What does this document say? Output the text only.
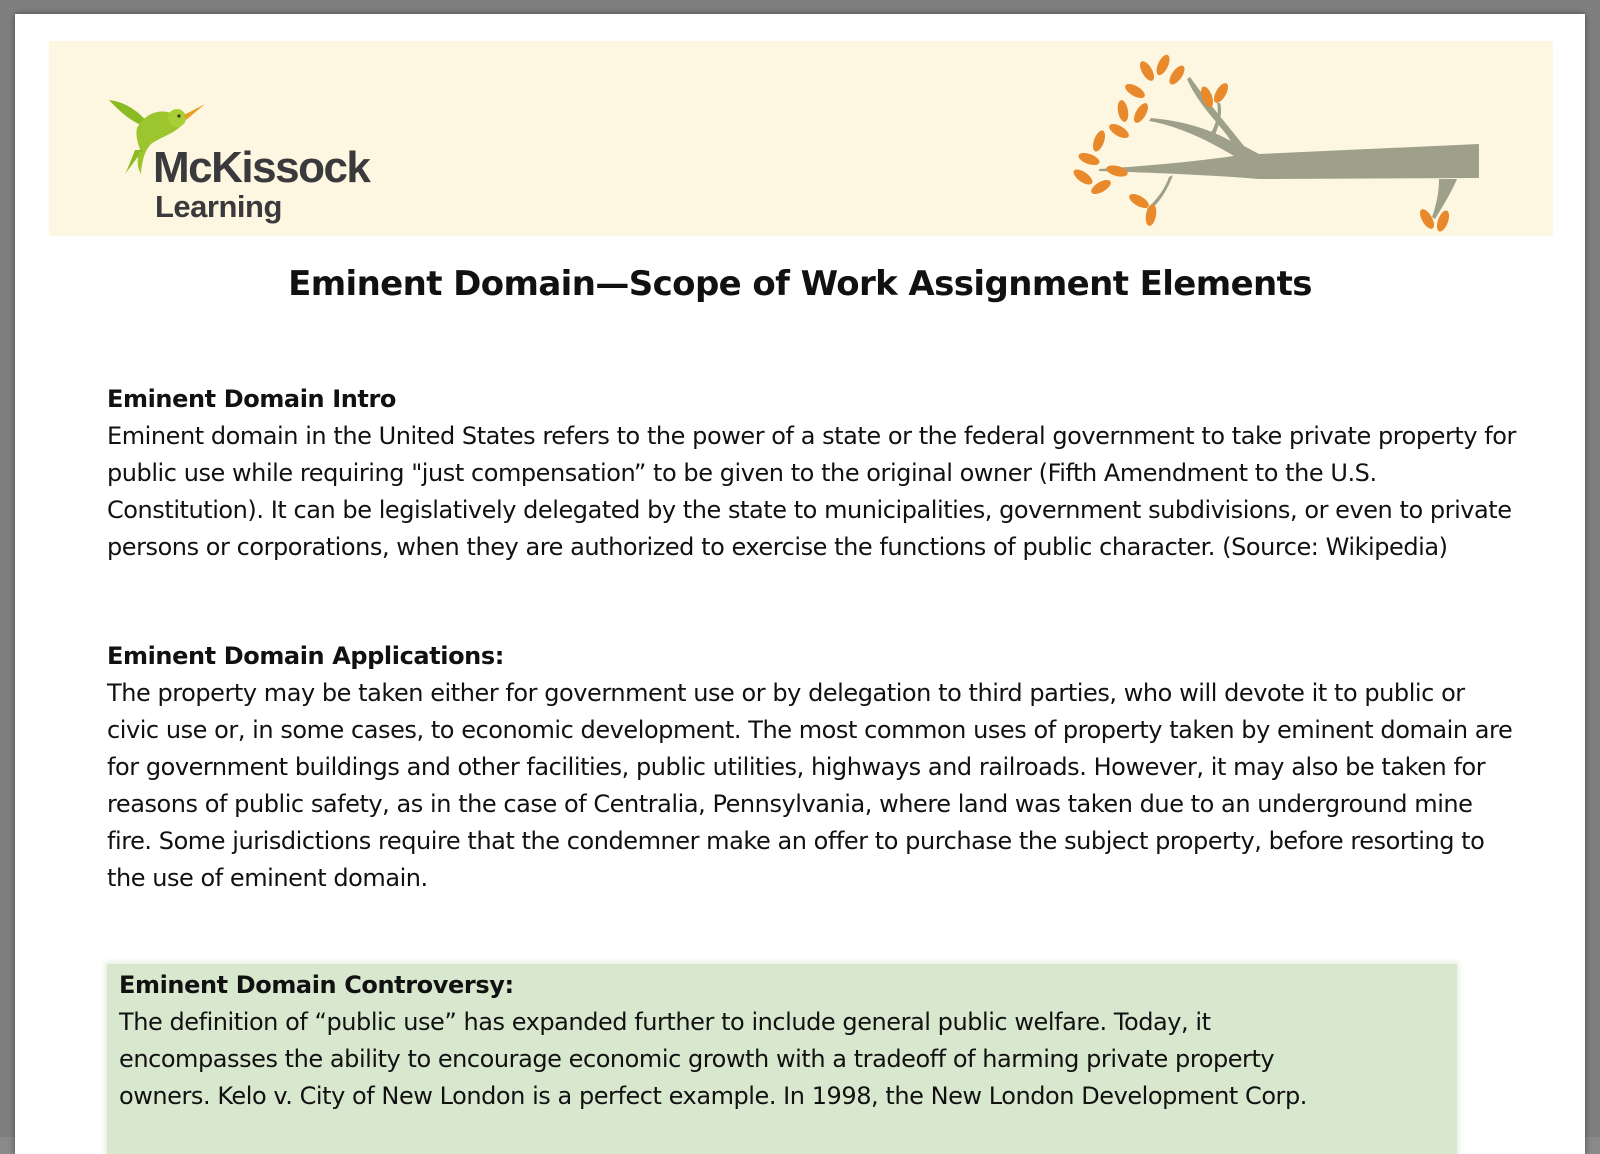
McKissock
Learning
Eminent Domain—Scope of Work Assignment Elements
Eminent Domain Intro

Eminent domain in the United States refers to the power of a state or the federal government to take private property for public use while requiring "just compensation” to be given to the original owner (Fifth Amendment to the U.S. Constitution). It can be legislatively delegated by the state to municipalities, government subdivisions, or even to private persons or corporations, when they are authorized to exercise the functions of public character. (Source: Wikipedia)

Eminent Domain Applications:

The property may be taken either for government use or by delegation to third parties, who will devote it to public or civic use or, in some cases, to economic development. The most common uses of property taken by eminent domain are for government buildings and other facilities, public utilities, highways and railroads. However, it may also be taken for reasons of public safety, as in the case of Centralia, Pennsylvania, where land was taken due to an underground mine fire. Some jurisdictions require that the condemner make an offer to purchase the subject property, before resorting to the use of eminent domain.

Eminent Domain Controversy:

The definition of “public use” has expanded further to include general public welfare. Today, it
encompasses the ability to encourage economic growth with a tradeoff of harming private property
owners. Kelo v. City of New London is a perfect example. In 1998, the New London Development Corp.
